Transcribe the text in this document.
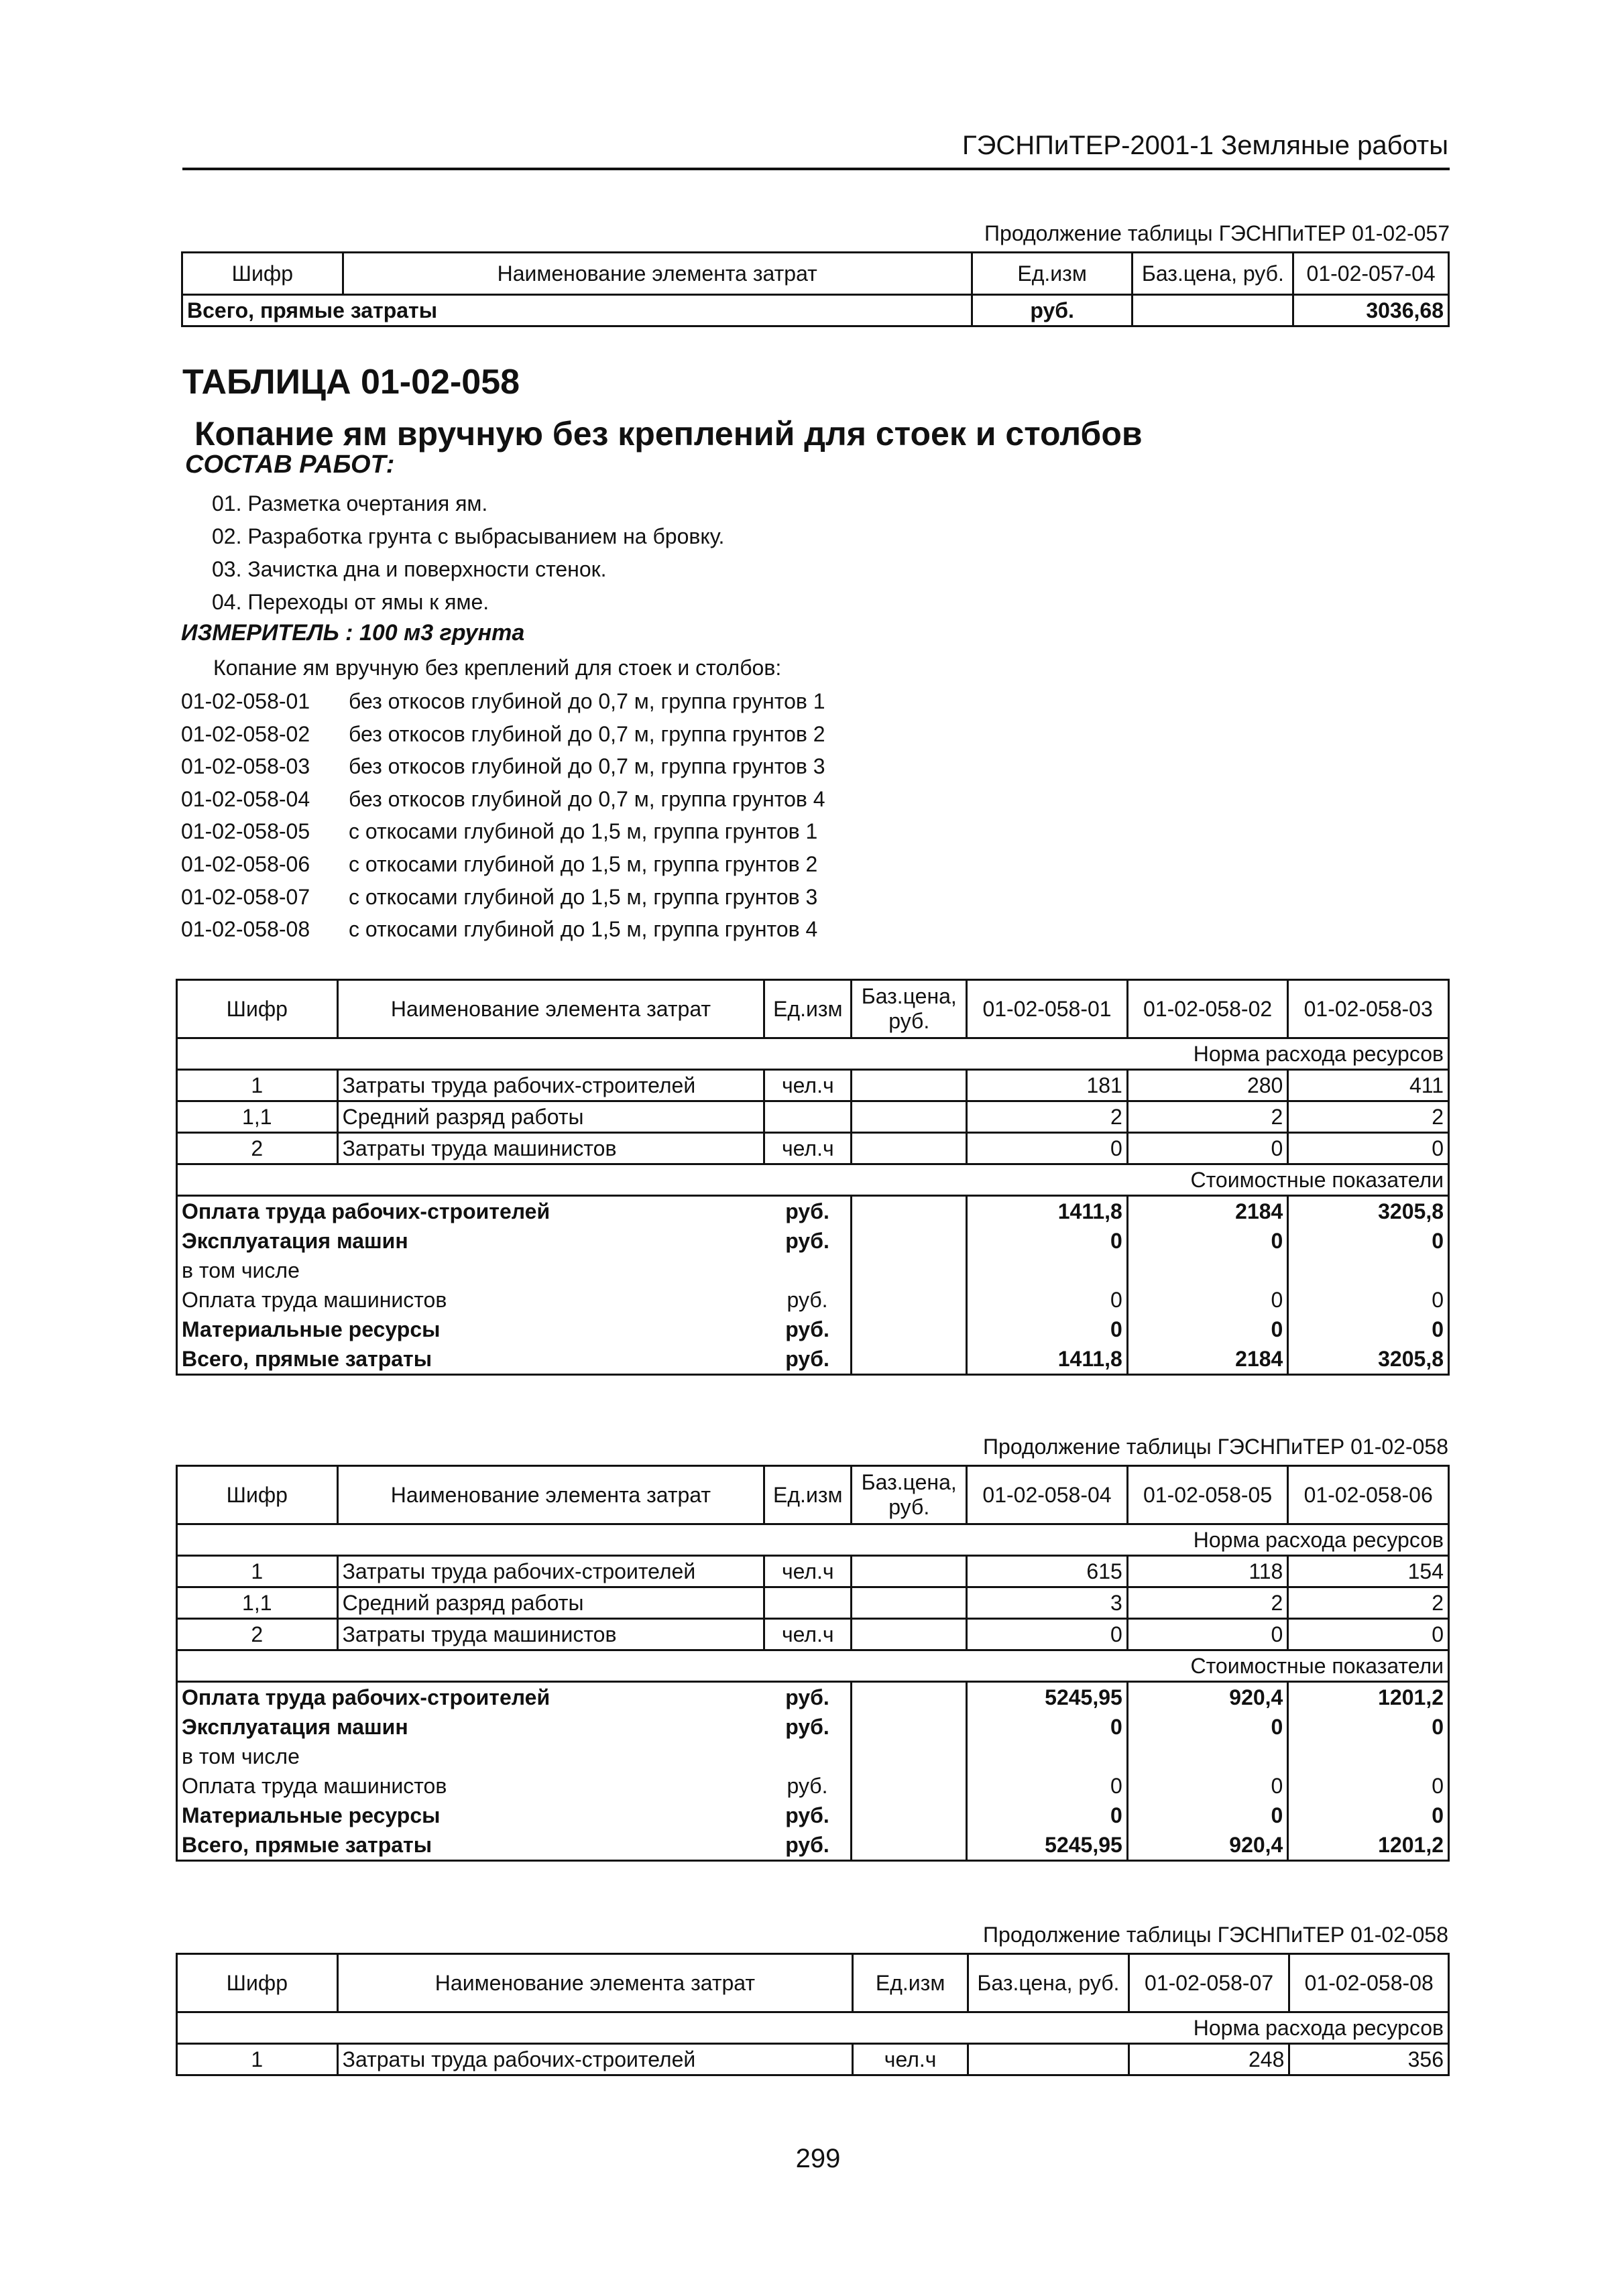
ГЭСНПиТЕР-2001-1 Земляные работы
Продолжение таблицы ГЭСНПиТЕР 01-02-057
Шифр	Наименование элемента затрат	Ед.изм	Баз.цена, руб.	01-02-057-04
Всего, прямые затраты		руб.		3036,68
ТАБЛИЦА 01-02-058
Копание ям вручную без креплений для стоек и столбов
СОСТАВ РАБОТ:
01. Разметка очертания ям.
02. Разработка грунта с выбрасыванием на бровку.
03. Зачистка дна и поверхности стенок.
04. Переходы от ямы к яме.
ИЗМЕРИТЕЛЬ : 100 м3 грунта
Копание ям вручную без креплений для стоек и столбов:
01-02-058-01	без откосов глубиной до 0,7 м, группа грунтов 1
01-02-058-02	без откосов глубиной до 0,7 м, группа грунтов 2
01-02-058-03	без откосов глубиной до 0,7 м, группа грунтов 3
01-02-058-04	без откосов глубиной до 0,7 м, группа грунтов 4
01-02-058-05	с откосами глубиной до 1,5 м, группа грунтов 1
01-02-058-06	с откосами глубиной до 1,5 м, группа грунтов 2
01-02-058-07	с откосами глубиной до 1,5 м, группа грунтов 3
01-02-058-08	с откосами глубиной до 1,5 м, группа грунтов 4
Шифр	Наименование элемента затрат	Ед.изм	Баз.цена, руб.	01-02-058-01	01-02-058-02	01-02-058-03
Норма расхода ресурсов						
1	Затраты труда рабочих-строителей	чел.ч		181	280	411
1,1	Средний разряд работы			2	2	2
2	Затраты труда машинистов	чел.ч		0	0	0
Стоимостные показатели						
Оплата труда рабочих-строителей		руб.		1411,8	2184	3205,8
Эксплуатация машин		руб.		0	0	0
в том числе						
Оплата труда машинистов		руб.		0	0	0
Материальные ресурсы		руб.		0	0	0
Всего, прямые затраты		руб.		1411,8	2184	3205,8
Продолжение таблицы ГЭСНПиТЕР 01-02-058
Шифр	Наименование элемента затрат	Ед.изм	Баз.цена, руб.	01-02-058-04	01-02-058-05	01-02-058-06
Норма расхода ресурсов						
1	Затраты труда рабочих-строителей	чел.ч		615	118	154
1,1	Средний разряд работы			3	2	2
2	Затраты труда машинистов	чел.ч		0	0	0
Стоимостные показатели						
Оплата труда рабочих-строителей		руб.		5245,95	920,4	1201,2
Эксплуатация машин		руб.		0	0	0
в том числе						
Оплата труда машинистов		руб.		0	0	0
Материальные ресурсы		руб.		0	0	0
Всего, прямые затраты		руб.		5245,95	920,4	1201,2
Продолжение таблицы ГЭСНПиТЕР 01-02-058
Шифр	Наименование элемента затрат	Ед.изм	Баз.цена, руб.	01-02-058-07	01-02-058-08
Норма расхода ресурсов					
1	Затраты труда рабочих-строителей	чел.ч		248	356
299
